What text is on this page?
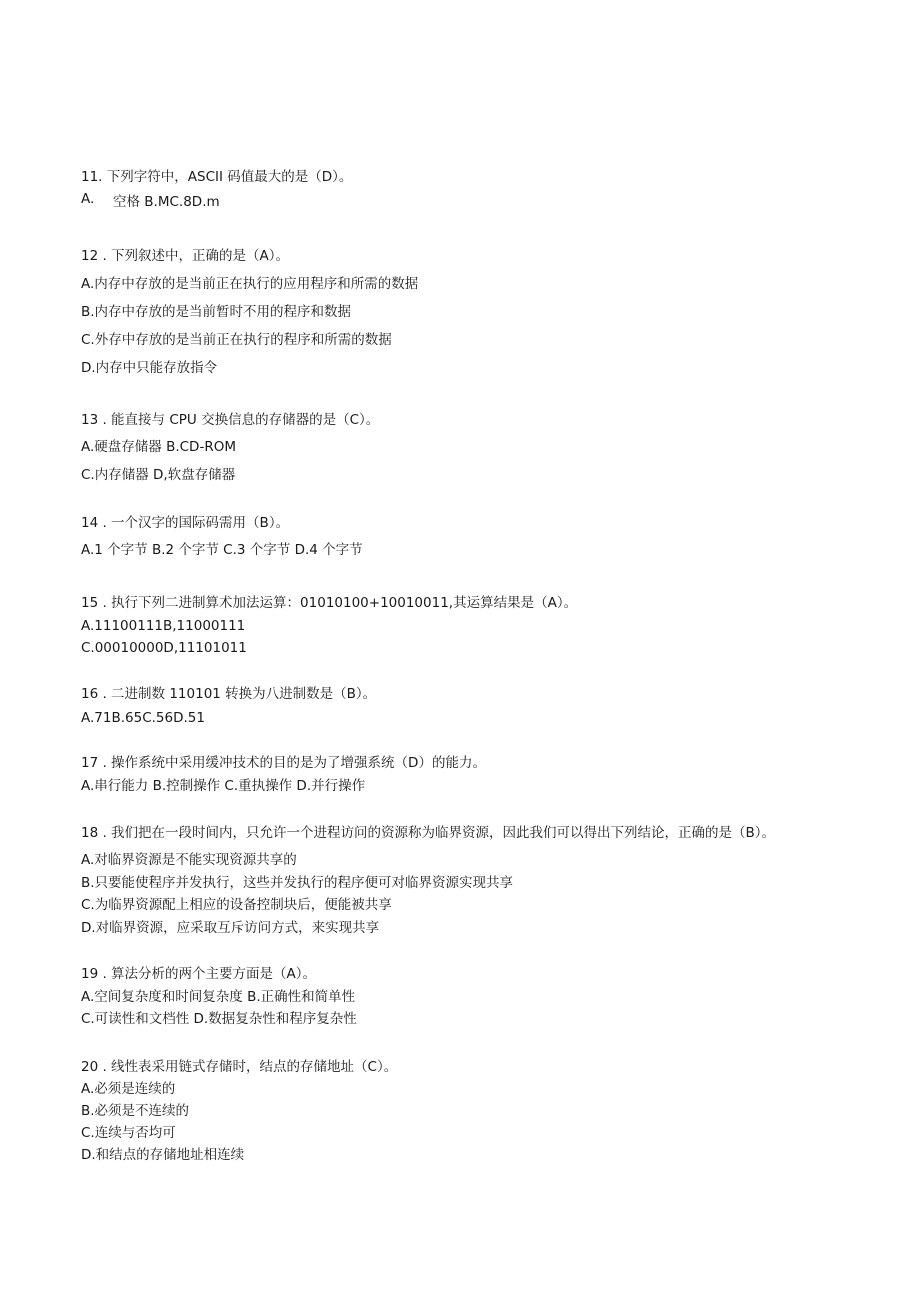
11. 下列字符中，ASCII 码值最大的是（D）。
A. 空格 B.MC.8D.m
12 . 下列叙述中，正确的是（A）。
A.内存中存放的是当前正在执行的应用程序和所需的数据
B.内存中存放的是当前暂时不用的程序和数据
C.外存中存放的是当前正在执行的程序和所需的数据
D.内存中只能存放指令
13 . 能直接与 CPU 交换信息的存储器的是（C）。
A.硬盘存储器 B.CD-ROM
C.内存储器 D,软盘存储器
14 . 一个汉字的国际码需用（B）。
A.1 个字节 B.2 个字节 C.3 个字节 D.4 个字节
15 . 执行下列二进制算术加法运算：01010100+10010011,其运算结果是（A）。
A.11100111B,11000111
C.00010000D,11101011
16 . 二进制数 110101 转换为八进制数是（B）。
A.71B.65C.56D.51
17 . 操作系统中采用缓冲技术的目的是为了增强系统（D）的能力。
A.串行能力 B.控制操作 C.重执操作 D.并行操作
18 . 我们把在一段时间内，只允许一个进程访问的资源称为临界资源，因此我们可以得出下列结论，正确的是（B）。
A.对临界资源是不能实现资源共享的
B.只要能使程序并发执行，这些并发执行的程序便可对临界资源实现共享
C.为临界资源配上相应的设备控制块后，便能被共享
D.对临界资源，应采取互斥访问方式，来实现共享
19 . 算法分析的两个主要方面是（A）。
A.空间复杂度和时间复杂度 B.正确性和简单性
C.可读性和文档性 D.数据复杂性和程序复杂性
20 . 线性表采用链式存储时，结点的存储地址（C）。
A.必须是连续的
B.必须是不连续的
C.连续与否均可
D.和结点的存储地址相连续
